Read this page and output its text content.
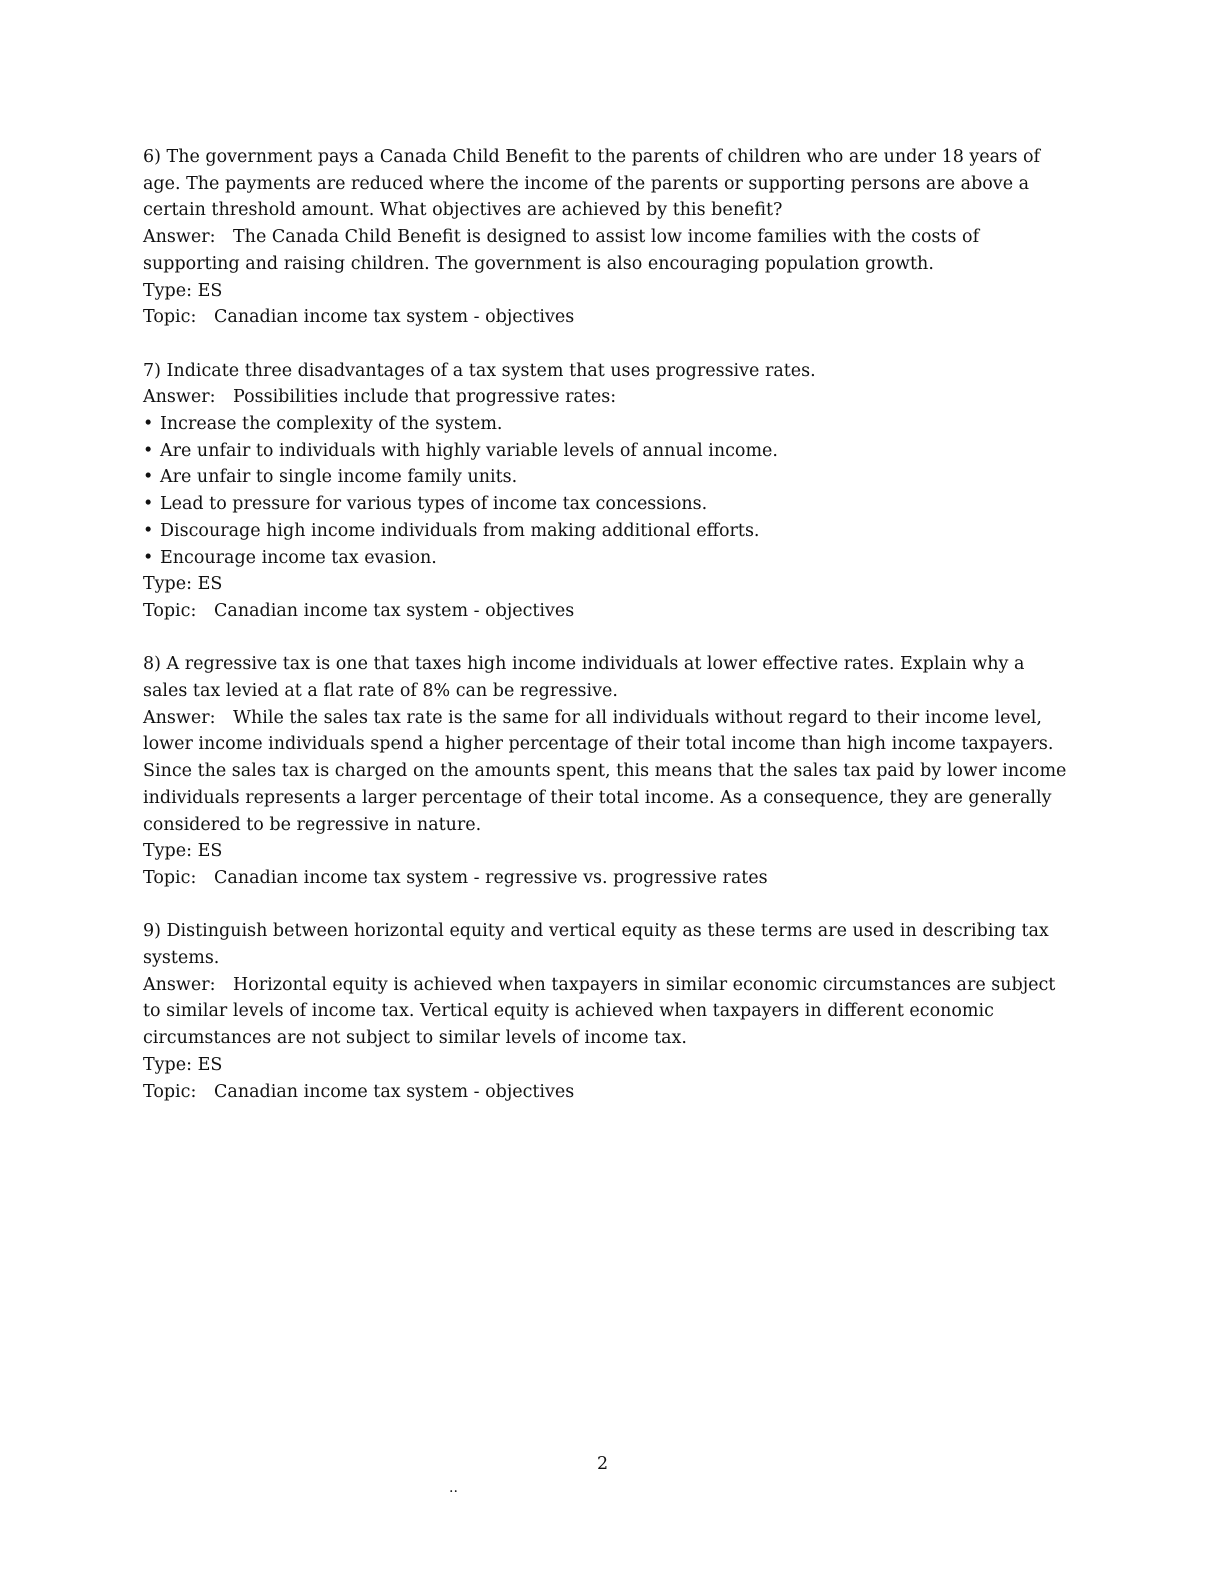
6) The government pays a Canada Child Benefit to the parents of children who are under 18 years of age. The payments are reduced where the income of the parents or supporting persons are above a certain threshold amount. What objectives are achieved by this benefit?

Answer: The Canada Child Benefit is designed to assist low income families with the costs of supporting and raising children. The government is also encouraging population growth.

Type: ES

Topic: Canadian income tax system - objectives

7) Indicate three disadvantages of a tax system that uses progressive rates.

Answer: Possibilities include that progressive rates:

• Increase the complexity of the system.
• Are unfair to individuals with highly variable levels of annual income.
• Are unfair to single income family units.
• Lead to pressure for various types of income tax concessions.
• Discourage high income individuals from making additional efforts.
• Encourage income tax evasion.

Type: ES

Topic: Canadian income tax system - objectives

8) A regressive tax is one that taxes high income individuals at lower effective rates. Explain why a sales tax levied at a flat rate of 8% can be regressive.

Answer: While the sales tax rate is the same for all individuals without regard to their income level, lower income individuals spend a higher percentage of their total income than high income taxpayers. Since the sales tax is charged on the amounts spent, this means that the sales tax paid by lower income individuals represents a larger percentage of their total income. As a consequence, they are generally considered to be regressive in nature.

Type: ES

Topic: Canadian income tax system - regressive vs. progressive rates

9) Distinguish between horizontal equity and vertical equity as these terms are used in describing tax systems.

Answer: Horizontal equity is achieved when taxpayers in similar economic circumstances are subject to similar levels of income tax. Vertical equity is achieved when taxpayers in different economic circumstances are not subject to similar levels of income tax.

Type: ES

Topic: Canadian income tax system - objectives

2
..
